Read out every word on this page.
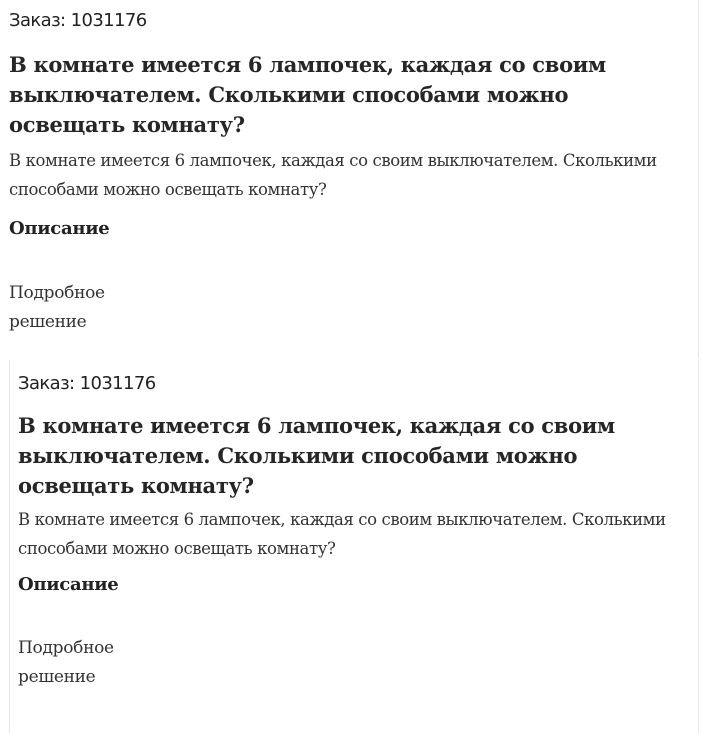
Заказ: 1031176
В комнате имеется 6 лампочек, каждая со своим выключателем. Сколькими способами можно освещать комнату?

В комнате имеется 6 лампочек, каждая со своим выключателем. Сколькими способами можно освещать комнату?

Описание
Подробное решение
Заказ: 1031176
В комнате имеется 6 лампочек, каждая со своим выключателем. Сколькими способами можно освещать комнату?

В комнате имеется 6 лампочек, каждая со своим выключателем. Сколькими способами можно освещать комнату?

Описание
Подробное решение
